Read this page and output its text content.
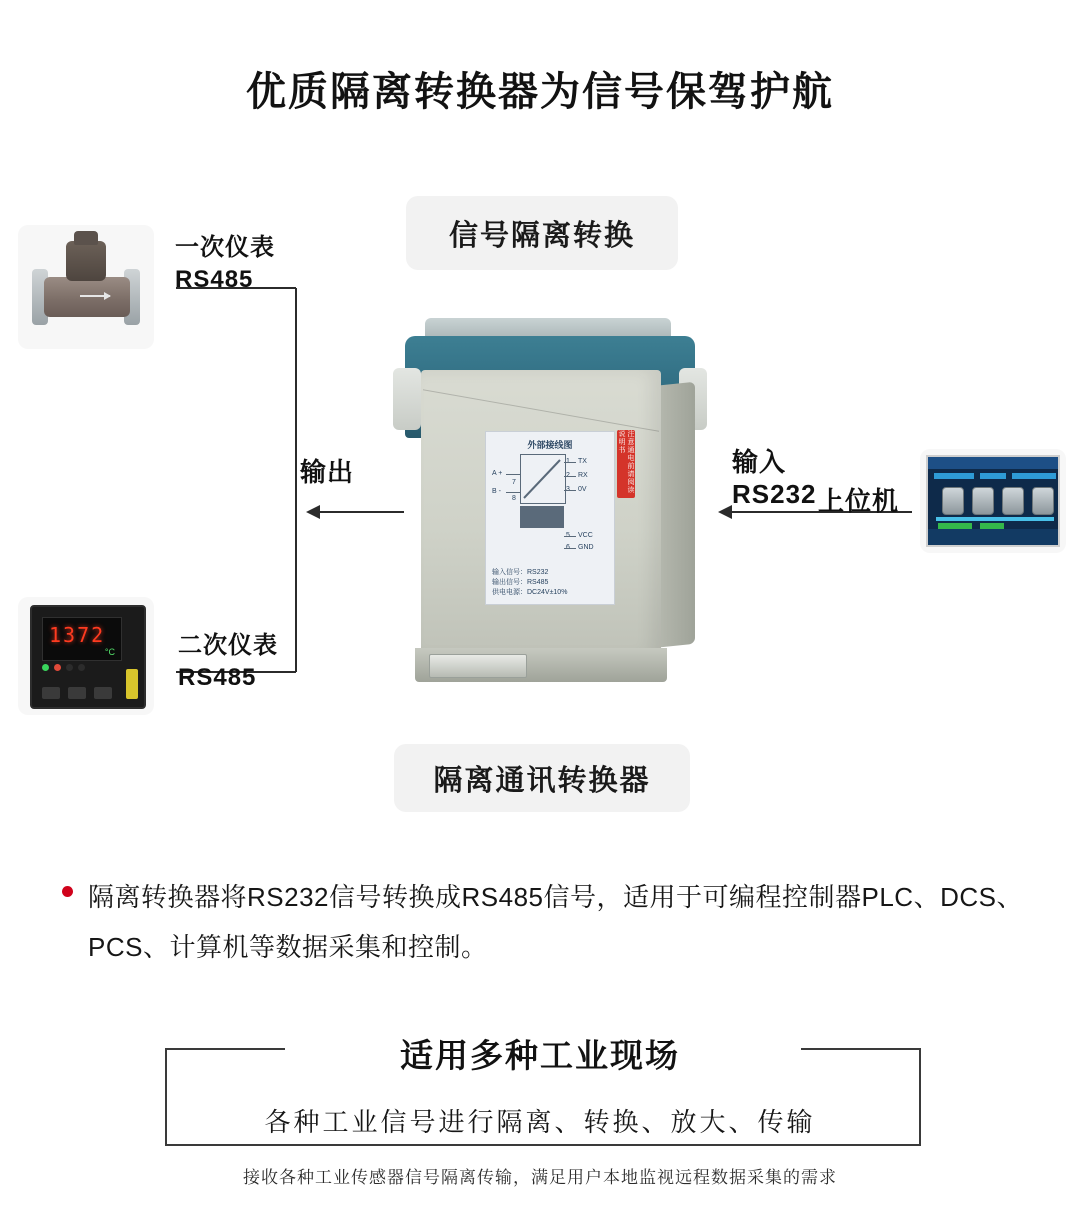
优质隔离转换器为信号保驾护航
信号隔离转换
隔离通讯转换器
一次仪表
RS485
1372
°C	二次仪表
RS485
输出
外部接线图
A +
B -
7
8
TX
RX
0V
VCC
GND
输入信号：RS232
输出信号：RS485
供电电源：DC24V±10%
注意通电前请阅读说明书
输入
RS232 上位机
隔离转换器将RS232信号转换成RS485信号，适用于可编程控制器PLC、DCS、PCS、计算机等数据采集和控制。
适用多种工业现场
各种工业信号进行隔离、转换、放大、传输
接收各种工业传感器信号隔离传输，满足用户本地监视远程数据采集的需求
